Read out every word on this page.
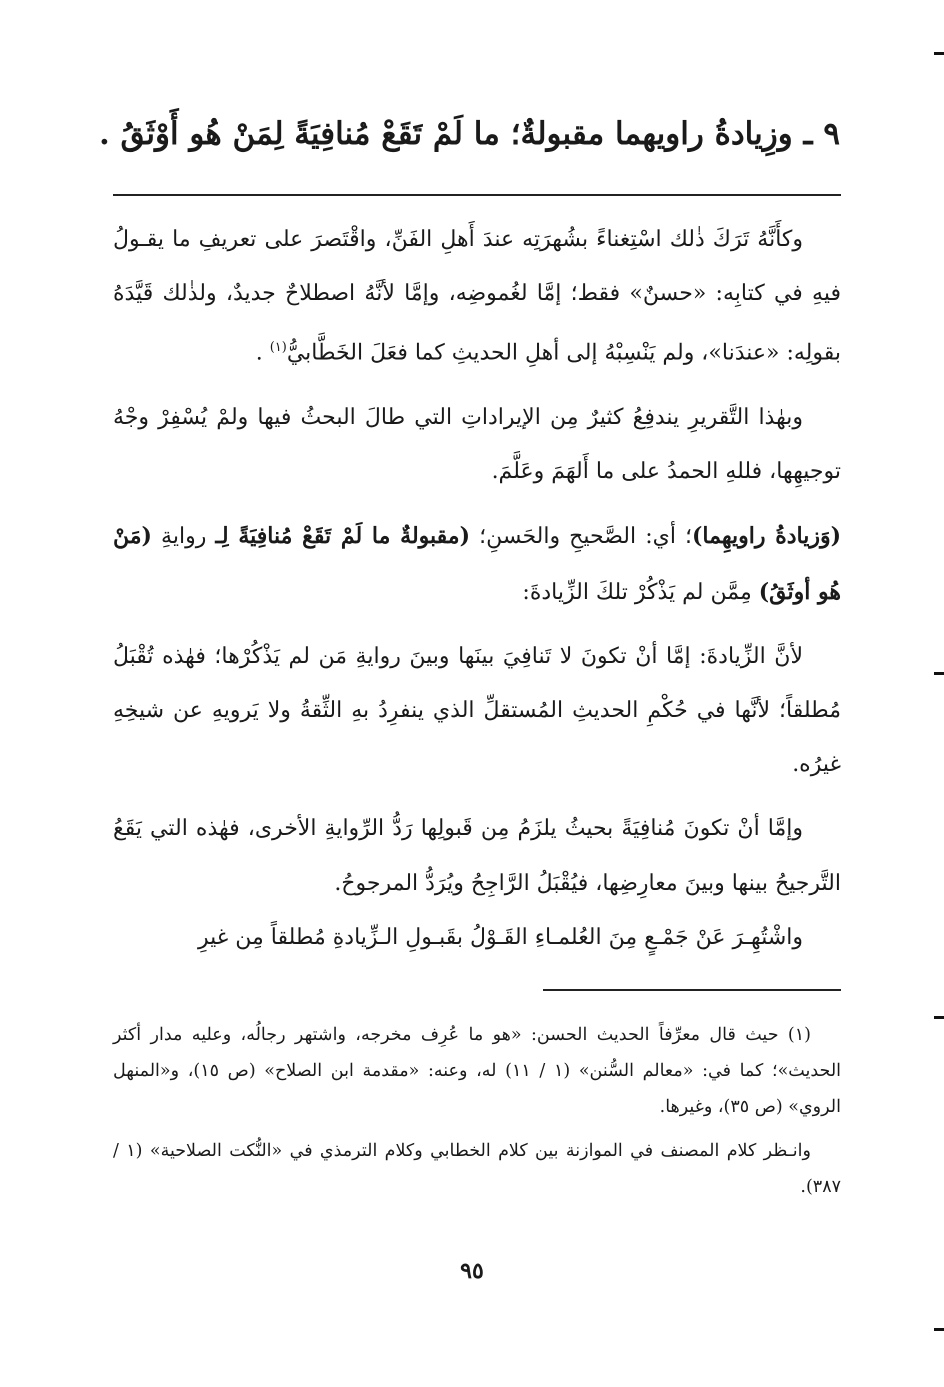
٩ ـ وزِيادةُ راويهما مقبولةٌ؛ ما لَمْ تَقَعْ مُنافِيَةً لِمَنْ هُو أَوْثَقُ .

وكأَنَّهُ تَرَكَ ذٰلك اسْتِغناءً بشُهرَتِه عندَ أَهلِ الفَنِّ، واقْتَصرَ على تعريفِ ما يقـولُ فيهِ في كتابِه: «حسنٌ» فقط؛ إمَّا لغُموضِه، وإمَّا لأنَّهُ اصطلاحٌ جديدٌ، ولذٰلك قَيَّدَهُ بقولِه: «عندَنا»، ولم يَنْسِبْهُ إلى أهلِ الحديثِ كما فعَلَ الخَطَّابيُّ$^{(١)}$ .

وبهٰذا التَّقريرِ يندفِعُ كثيرٌ مِن الإيراداتِ التي طالَ البحثُ فيها ولمْ يُسْفِرْ وجْهُ توجيهِها، فللهِ الحمدُ على ما أَلهَمَ وعَلَّمَ.

(وَزيادةُ راويهِما)؛ أي: الصَّحيحِ والحَسنِ؛ (مقبولةٌ ما لَمْ تَقَعْ مُنافِيَةً لِـ روايةِ (مَنْ هُو أوثَقُ) مِمَّن لم يَذْكُرْ تلكَ الزِّيادةَ:

لأنَّ الزِّيادةَ: إمَّا أنْ تكونَ لا تَنافِيَ بينَها وبينَ روايةِ مَن لم يَذْكُرْها؛ فهٰذه تُقْبَلُ مُطلقاً؛ لأنَّها في حُكْمِ الحديثِ المُستقلِّ الذي ينفرِدُ بهِ الثِّقةُ ولا يَرويهِ عن شيخِهِ غيرُه.

وإمَّا أنْ تكونَ مُنافِيَةً بحيثُ يلزَمُ مِن قَبولِها رَدُّ الرِّوايةِ الأخرى، فهٰذه التي يَقَعُ التَّرجيحُ بينها وبينَ معارِضِها، فيُقْبَلُ الرَّاجِحُ ويُرَدُّ المرجوحُ.

واشْتُهِـرَ عَنْ جَمْـعٍ مِنَ العُلمـاءِ القَـوْلُ بقَبـولِ الـزِّيادةِ مُطلقاً مِن غيرِ

(١) حيث قال معرِّفاً الحديث الحسن: «هو ما عُرِف مخرجه، واشتهر رجالُه، وعليه مدار أكثر الحديث»؛ كما في: «معالم السُّنن» (١ / ١١) له، وعنه: «مقدمة ابن الصلاح» (ص ١٥)، و«المنهل الروي» (ص ٣٥)، وغيرها.

وانـظر كلام المصنف في الموازنة بين كلام الخطابي وكلام الترمذي في «النُّكت الصلاحية» (١ / ٣٨٧).

٩٥
